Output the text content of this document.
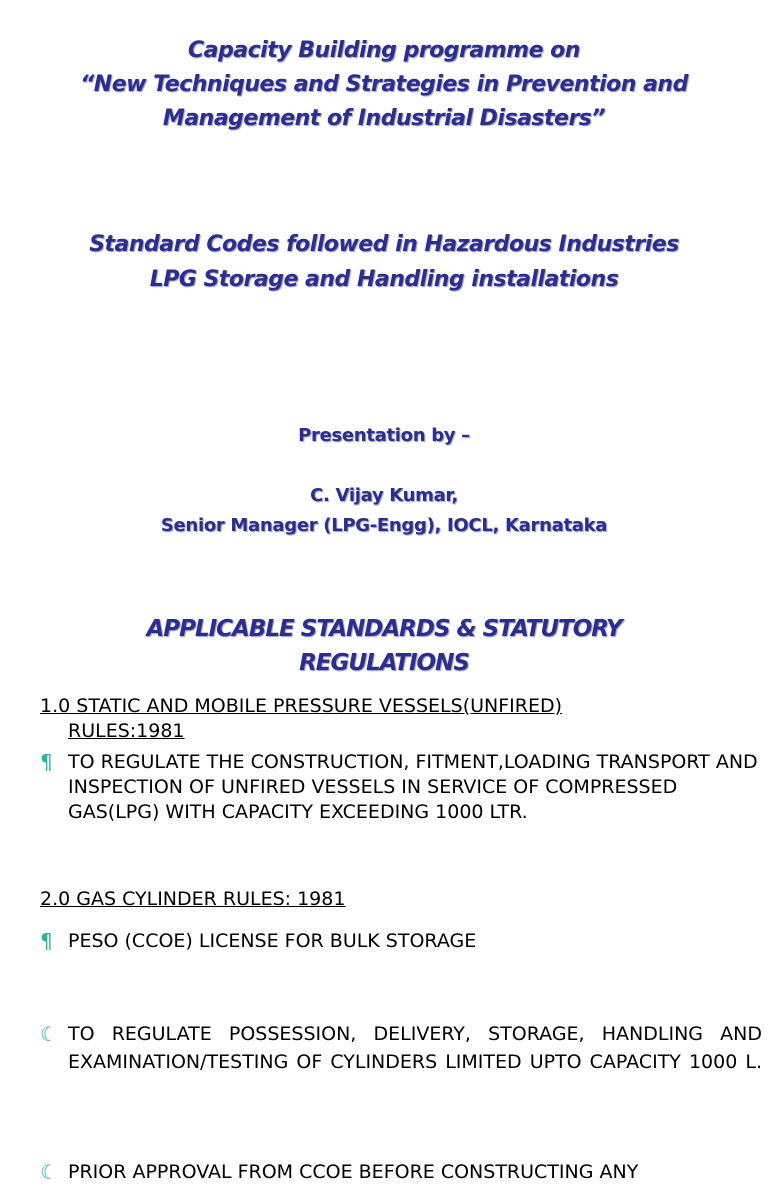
Capacity Building programme on
“New Techniques and Strategies in Prevention and
Management of Industrial Disasters”
Standard Codes followed in Hazardous Industries
LPG Storage and Handling installations
Presentation by –
C. Vijay Kumar,
Senior Manager (LPG-Engg), IOCL, Karnataka
APPLICABLE STANDARDS & STATUTORY
REGULATIONS
1.0 STATIC AND MOBILE PRESSURE VESSELS(UNFIRED)
RULES:1981
¶ TO REGULATE THE CONSTRUCTION, FITMENT,LOADING TRANSPORT AND INSPECTION OF UNFIRED VESSELS IN SERVICE OF COMPRESSED GAS(LPG) WITH CAPACITY EXCEEDING 1000 LTR.
¶ PESO (CCOE) LICENSE FOR BULK STORAGE
2.0 GAS CYLINDER RULES: 1981
☾ TO REGULATE POSSESSION, DELIVERY, STORAGE, HANDLING AND EXAMINATION/TESTING OF CYLINDERS LIMITED UPTO CAPACITY 1000 L.
☾ PRIOR APPROVAL FROM CCOE BEFORE CONSTRUCTING ANY
